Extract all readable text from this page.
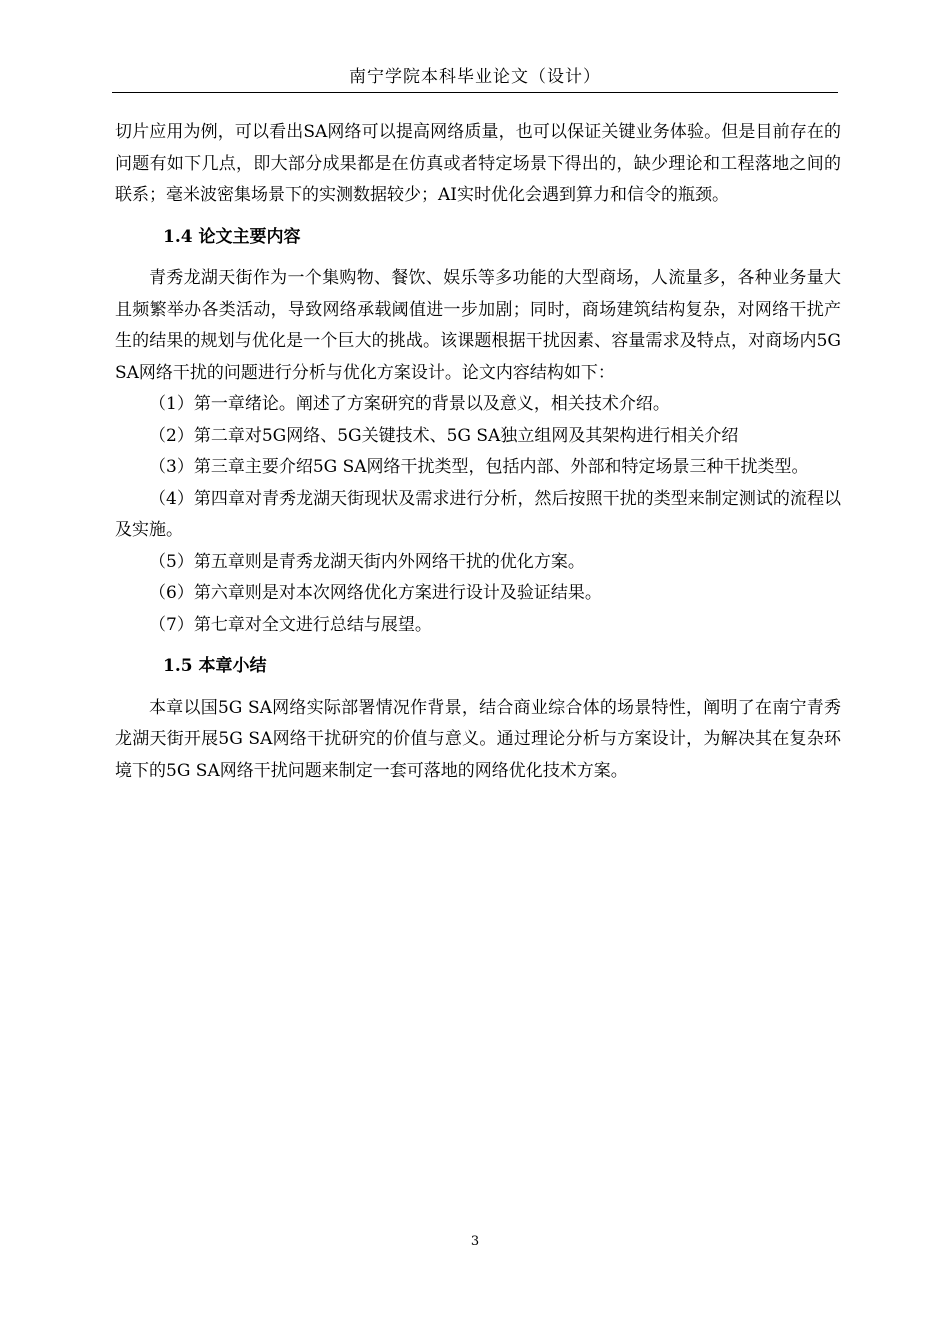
南宁学院本科毕业论文（设计）

切片应用为例，可以看出SA网络可以提高网络质量，也可以保证关键业务体验。但是目前存在的问题有如下几点，即大部分成果都是在仿真或者特定场景下得出的，缺少理论和工程落地之间的联系；毫米波密集场景下的实测数据较少；AI实时优化会遇到算力和信令的瓶颈。

1.4 论文主要内容

青秀龙湖天街作为一个集购物、餐饮、娱乐等多功能的大型商场，人流量多，各种业务量大且频繁举办各类活动，导致网络承载阈值进一步加剧；同时，商场建筑结构复杂，对网络干扰产生的结果的规划与优化是一个巨大的挑战。该课题根据干扰因素、容量需求及特点，对商场内5G SA网络干扰的问题进行分析与优化方案设计。论文内容结构如下：

（1）第一章绪论。阐述了方案研究的背景以及意义，相关技术介绍。

（2）第二章对5G网络、5G关键技术、5G SA独立组网及其架构进行相关介绍

（3）第三章主要介绍5G SA网络干扰类型，包括内部、外部和特定场景三种干扰类型。

（4）第四章对青秀龙湖天街现状及需求进行分析，然后按照干扰的类型来制定测试的流程以及实施。

（5）第五章则是青秀龙湖天街内外网络干扰的优化方案。

（6）第六章则是对本次网络优化方案进行设计及验证结果。

（7）第七章对全文进行总结与展望。

1.5 本章小结

本章以国5G SA网络实际部署情况作背景，结合商业综合体的场景特性，阐明了在南宁青秀龙湖天街开展5G SA网络干扰研究的价值与意义。通过理论分析与方案设计，为解决其在复杂环境下的5G SA网络干扰问题来制定一套可落地的网络优化技术方案。

3
